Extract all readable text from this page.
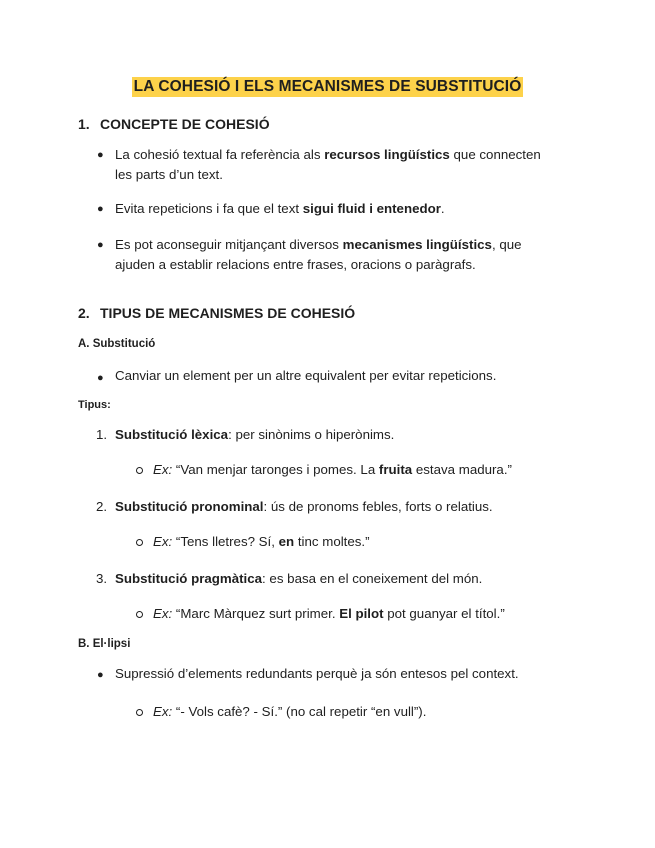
LA COHESIÓ I ELS MECANISMES DE SUBSTITUCIÓ
1. CONCEPTE DE COHESIÓ
● La cohesió textual fa referència als recursos lingüístics que connecten
les parts d’un text.
● Evita repeticions i fa que el text sigui fluid i entenedor.
● Es pot aconseguir mitjançant diversos mecanismes lingüístics, que
ajuden a establir relacions entre frases, oracions o paràgrafs.
2. TIPUS DE MECANISMES DE COHESIÓ
A. Substitució
● Canviar un element per un altre equivalent per evitar repeticions.
Tipus:
1. Substitució lèxica: per sinònims o hiperònims.
Ex: “Van menjar taronges i pomes. La fruita estava madura.”
2. Substitució pronominal: ús de pronoms febles, forts o relatius.
Ex: “Tens lletres? Sí, en tinc moltes.”
3. Substitució pragmàtica: es basa en el coneixement del món.
Ex: “Marc Màrquez surt primer. El pilot pot guanyar el títol.”
B. El·lipsi
● Supressió d’elements redundants perquè ja són entesos pel context.
Ex: “- Vols cafè? - Sí.” (no cal repetir “en vull”).
